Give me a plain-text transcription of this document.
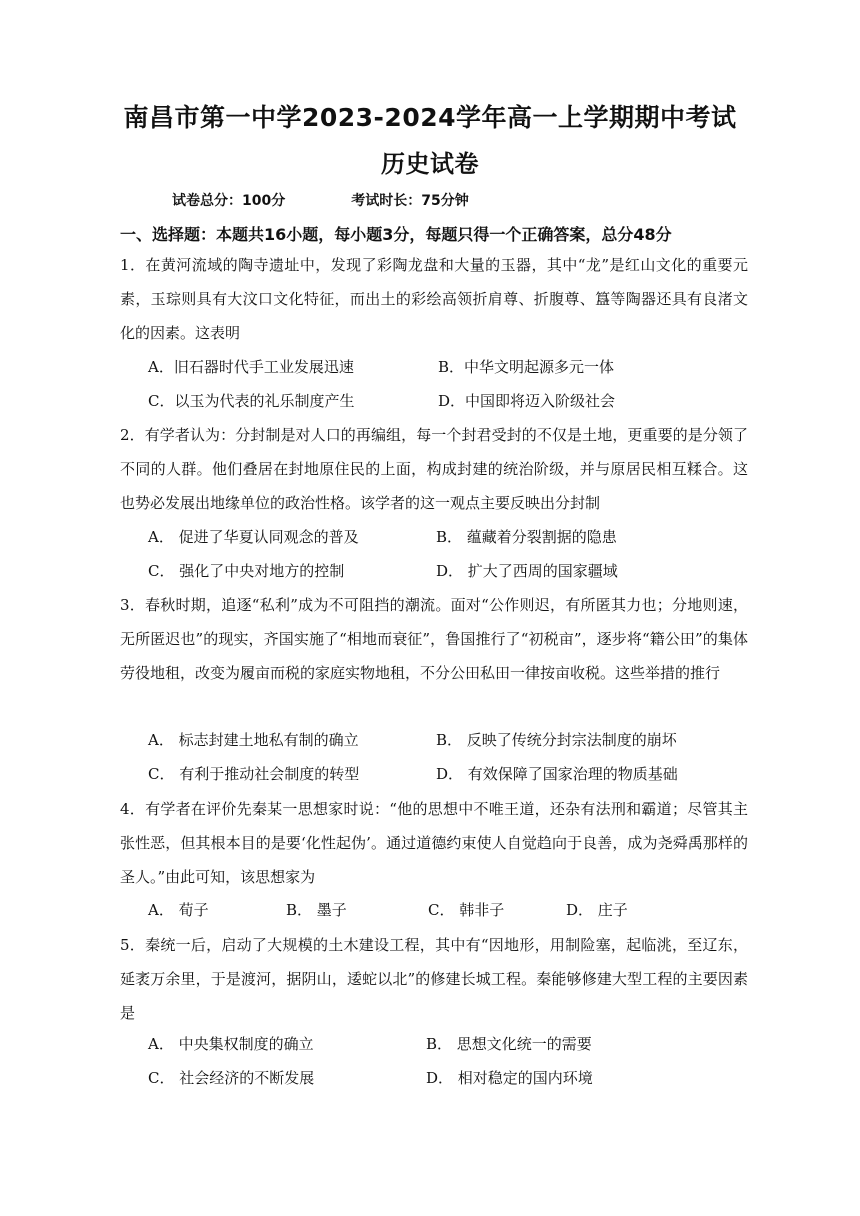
南昌市第一中学2023-2024学年高一上学期期中考试
历史试卷
试卷总分：100分	考试时长：75分钟
一、选择题：本题共16小题，每小题3分，每题只得一个正确答案，总分48分
1．在黄河流域的陶寺遗址中，发现了彩陶龙盘和大量的玉器，其中“龙”是红山文化的重要元素，玉琮则具有大汶口文化特征，而出土的彩绘高领折肩尊、折腹尊、簋等陶器还具有良渚文化的因素。这表明
A．旧石器时代手工业发展迅速	B．中华文明起源多元一体
C．以玉为代表的礼乐制度产生	D．中国即将迈入阶级社会
2．有学者认为：分封制是对人口的再编组，每一个封君受封的不仅是土地，更重要的是分领了不同的人群。他们叠居在封地原住民的上面，构成封建的统治阶级，并与原居民相互糅合。这也势必发展出地缘单位的政治性格。该学者的这一观点主要反映出分封制
A． 促进了华夏认同观念的普及	B． 蕴藏着分裂割据的隐患
C． 强化了中央对地方的控制	D． 扩大了西周的国家疆域
3．春秋时期，追逐“私利”成为不可阻挡的潮流。面对“公作则迟，有所匿其力也；分地则速，无所匿迟也”的现实，齐国实施了“相地而衰征”，鲁国推行了“初税亩”，逐步将“籍公田”的集体劳役地租，改变为履亩而税的家庭实物地租，不分公田私田一律按亩收税。这些举措的推行
A． 标志封建土地私有制的确立	B． 反映了传统分封宗法制度的崩坏
C． 有利于推动社会制度的转型	D． 有效保障了国家治理的物质基础
4．有学者在评价先秦某一思想家时说：“他的思想中不唯王道，还杂有法刑和霸道；尽管其主张性恶，但其根本目的是要‘化性起伪’。通过道德约束使人自觉趋向于良善，成为尧舜禹那样的圣人。”由此可知，该思想家为
A． 荀子	B． 墨子	C． 韩非子	D． 庄子
5．秦统一后，启动了大规模的土木建设工程，其中有“因地形，用制险塞，起临洮，至辽东，延袤万余里，于是渡河，据阴山，逶蛇以北”的修建长城工程。秦能够修建大型工程的主要因素是
A． 中央集权制度的确立	B． 思想文化统一的需要
C． 社会经济的不断发展	D． 相对稳定的国内环境
